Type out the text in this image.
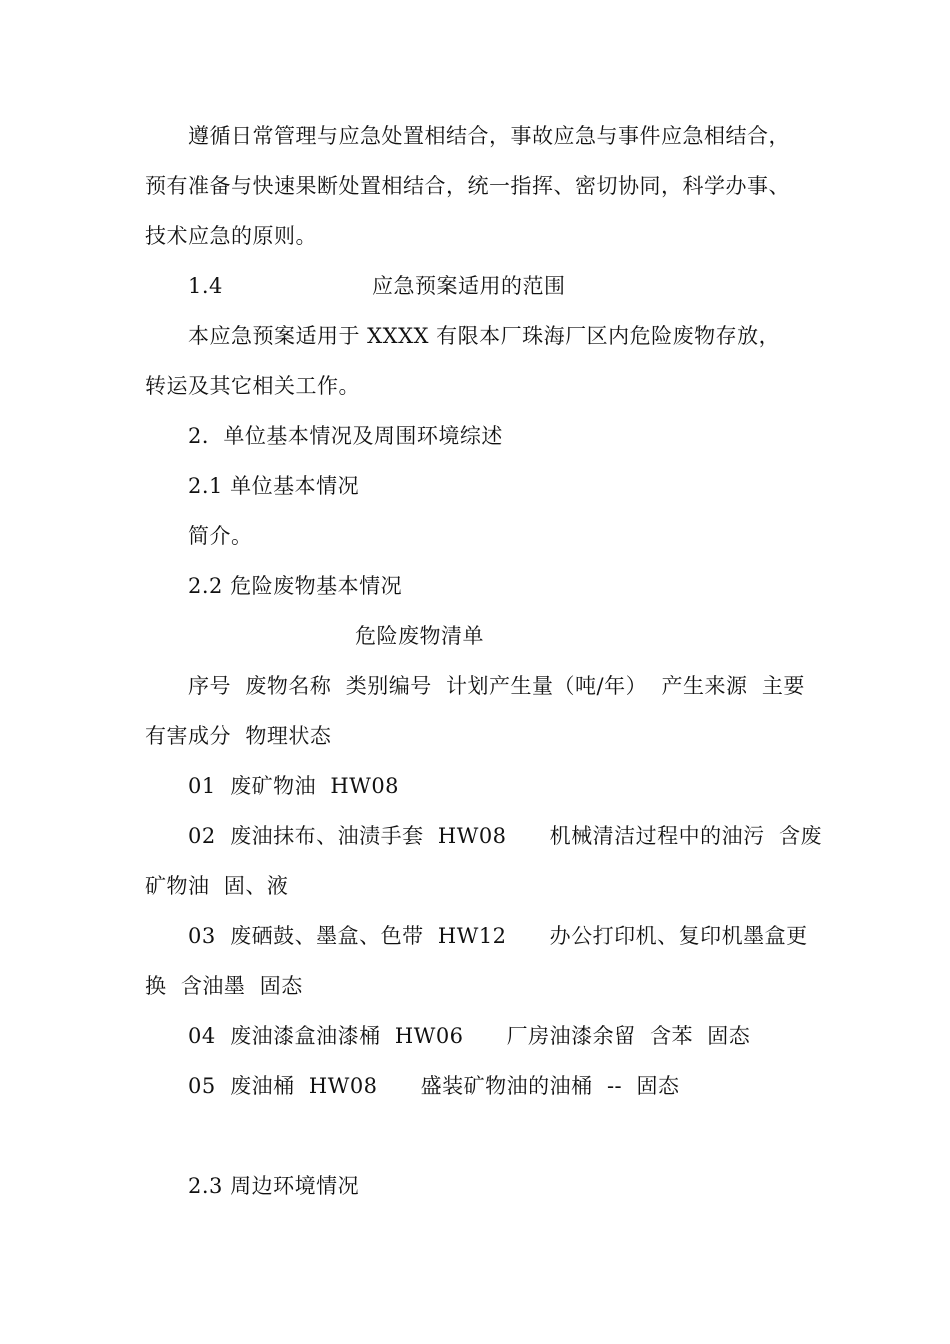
遵循日常管理与应急处置相结合，事故应急与事件应急相结合，
预有准备与快速果断处置相结合，统一指挥、密切协同，科学办事、
技术应急的原则。
1.4	应急预案适用的范围
本应急预案适用于 XXXX 有限本厂珠海厂区内危险废物存放，
转运及其它相关工作。
2．单位基本情况及周围环境综述
2.1 单位基本情况
简介。
2.2 危险废物基本情况
危险废物清单
序号  废物名称  类别编号  计划产生量（吨/年）  产生来源  主要
有害成分  物理状态
01  废矿物油  HW08
02  废油抹布、油渍手套  HW08      机械清洁过程中的油污  含废
矿物油  固、液
03  废硒鼓、墨盒、色带  HW12      办公打印机、复印机墨盒更
换  含油墨  固态
04  废油漆盒油漆桶  HW06      厂房油漆余留  含苯  固态
05  废油桶  HW08      盛装矿物油的油桶  --  固态
2.3 周边环境情况
